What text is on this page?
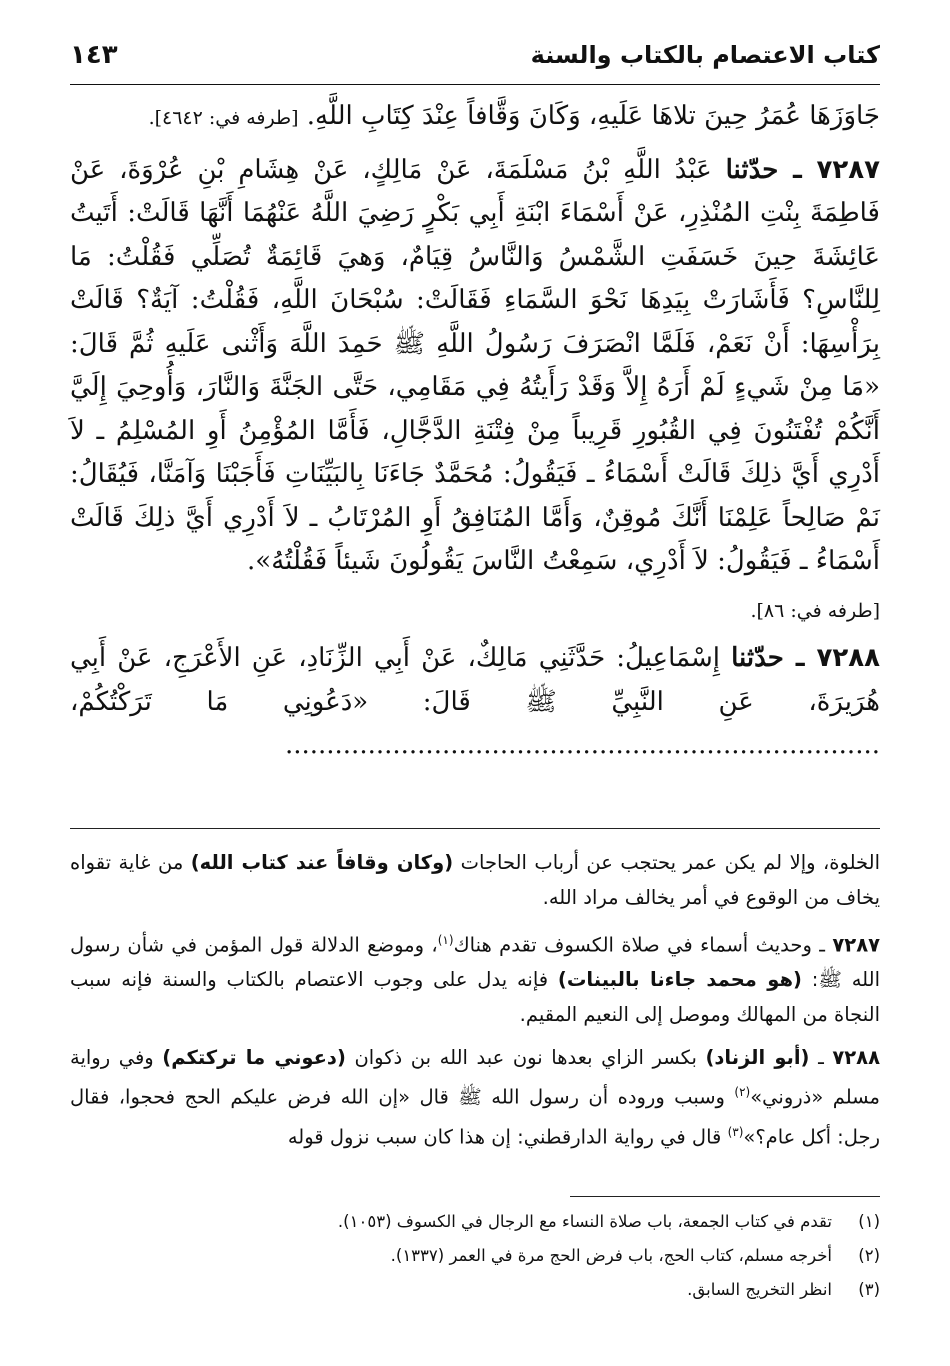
كتاب الاعتصام بالكتاب والسنة
١٤٣

جَاوَزَهَا عُمَرُ حِينَ تلاهَا عَلَيهِ، وَكَانَ وَقَّافاً عِنْدَ كِتَابِ اللَّهِ. [طرفه في: ٤٦٤٢].

٧٢٨٧ ـ حدّثنا عَبْدُ اللَّهِ بْنُ مَسْلَمَةَ، عَنْ مَالِكٍ، عَنْ هِشَامِ بْنِ عُرْوَةَ، عَنْ فَاطِمَةَ بِنْتِ المُنْذِرِ، عَنْ أَسْمَاءَ ابْنَةِ أَبِي بَكْرٍ رَضِيَ اللَّهُ عَنْهُمَا أَنَّهَا قَالَتْ: أَتَيتُ عَائِشَةَ حِينَ خَسَفَتِ الشَّمْسُ وَالنَّاسُ قِيَامٌ، وَهيَ قَائِمَةٌ تُصَلِّي فَقُلْتُ: مَا لِلنَّاسِ؟ فَأَشَارَتْ بِيَدِهَا نَحْوَ السَّمَاءِ فَقَالَتْ: سُبْحَانَ اللَّهِ، فَقُلْتُ: آيَةٌ؟ قَالَتْ بِرَأْسِهَا: أَنْ نَعَمْ، فَلَمَّا انْصَرَفَ رَسُولُ اللَّهِ ﷺ حَمِدَ اللَّهَ وَأَثْنى عَلَيهِ ثُمَّ قَالَ: «مَا مِنْ شَيءٍ لَمْ أَرَهُ إِلاَّ وَقَدْ رَأَيتُهُ فِي مَقَامِي، حَتَّى الجَنَّةَ وَالنَّارَ، وَأُوحِيَ إِلَيَّ أَنَّكُمْ تُفْتَنُونَ فِي القُبُورِ قَرِيباً مِنْ فِتْنَةِ الدَّجَّالِ، فَأَمَّا المُؤْمِنُ أَوِ المُسْلِمُ ـ لاَ أَدْرِي أَيَّ ذلِكَ قَالَتْ أَسْمَاءُ ـ فَيَقُولُ: مُحَمَّدٌ جَاءَنَا بِالبَيِّنَاتِ فَأَجَبْنَا وَآمَنَّا، فَيُقَالُ: نَمْ صَالِحاً عَلِمْنَا أَنَّكَ مُوقِنٌ، وَأَمَّا المُنَافِقُ أَوِ المُرْتَابُ ـ لاَ أَدْرِي أَيَّ ذلِكَ قَالَتْ أَسْمَاءُ ـ فَيَقُولُ: لاَ أَدْرِي، سَمِعْتُ النَّاسَ يَقُولُونَ شَيئاً فَقُلْتُهُ».

[طرفه في: ٨٦].

٧٢٨٨ ـ حدّثنا إِسْمَاعِيلُ: حَدَّثَنِي مَالِكٌ، عَنْ أَبِي الزِّنَادِ، عَنِ الأَعْرَجِ، عَنْ أَبِي هُرَيرَةَ، عَنِ النَّبِيِّ ﷺ قَالَ: «دَعُونِي مَا تَرَكْتُكُمْ، ........................................................................

الخلوة، وإلا لم يكن عمر يحتجب عن أرباب الحاجات (وكان وقافاً عند كتاب الله) من غاية تقواه يخاف من الوقوع في أمر يخالف مراد الله.

٧٢٨٧ ـ وحديث أسماء في صلاة الكسوف تقدم هناك$^{(١)}$، وموضع الدلالة قول المؤمن في شأن رسول الله ﷺ: (هو محمد جاءنا بالبينات) فإنه يدل على وجوب الاعتصام بالكتاب والسنة فإنه سبب النجاة من المهالك وموصل إلى النعيم المقيم.

٧٢٨٨ ـ (أبو الزناد) بكسر الزاي بعدها نون عبد الله بن ذكوان (دعوني ما تركتكم) وفي رواية مسلم «ذروني»$^{(٢)}$ وسبب وروده أن رسول الله ﷺ قال «إن الله فرض عليكم الحج فحجوا، فقال رجل: أكل عام؟»$^{(٣)}$ قال في رواية الدارقطني: إن هذا كان سبب نزول قوله

(١)
تقدم في كتاب الجمعة، باب صلاة النساء مع الرجال في الكسوف (١٠٥٣).
(٢)
أخرجه مسلم، كتاب الحج، باب فرض الحج مرة في العمر (١٣٣٧).
(٣)
انظر التخريج السابق.
